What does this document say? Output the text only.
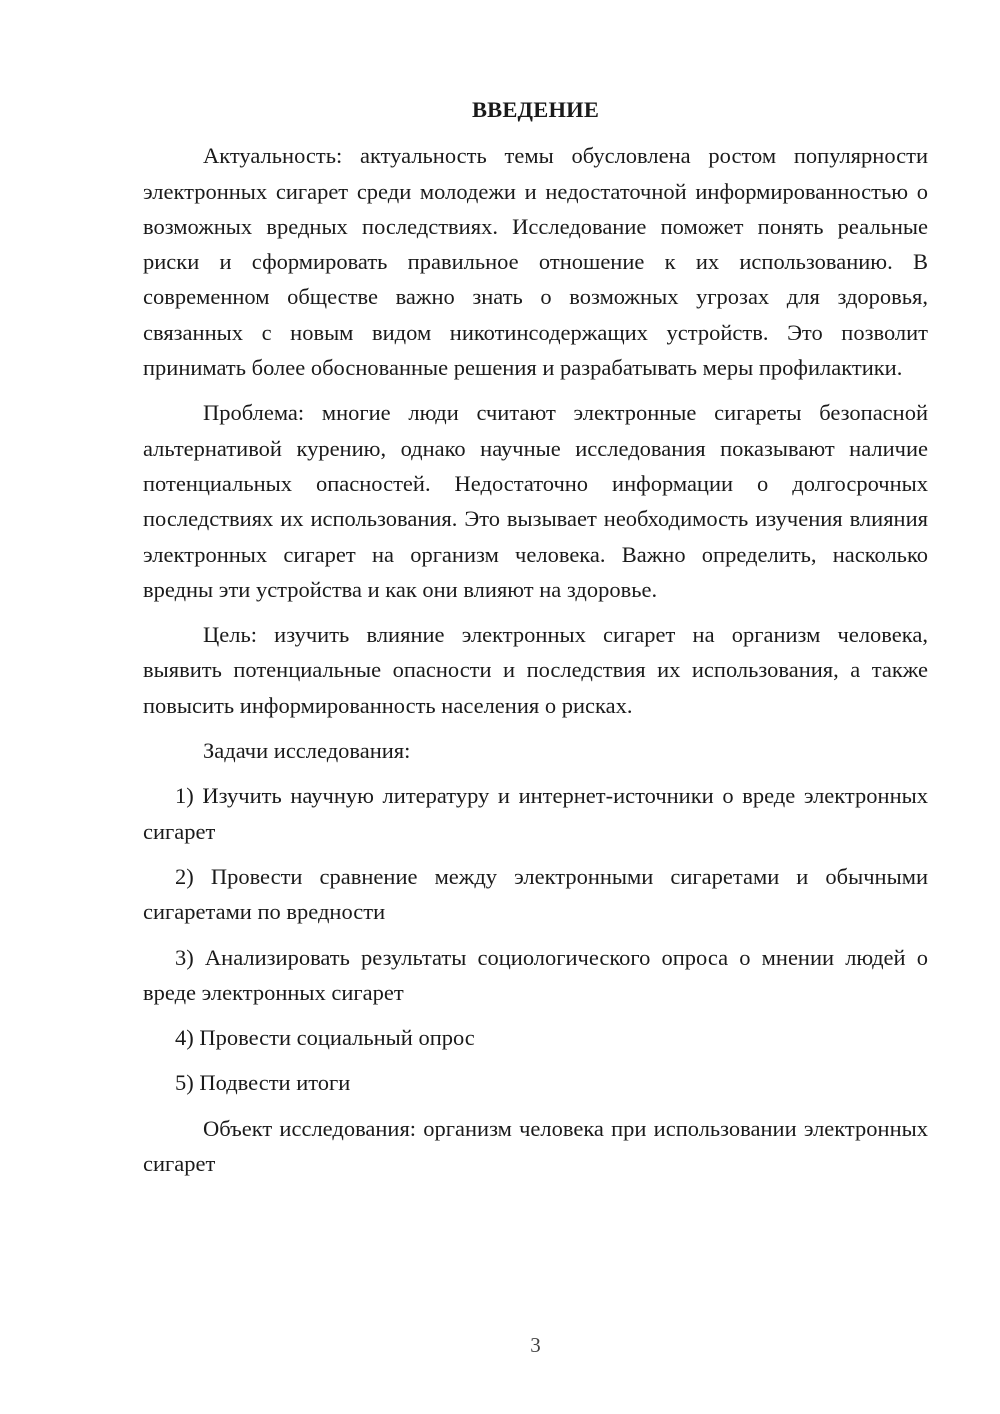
ВВЕДЕНИЕ

Актуальность: актуальность темы обусловлена ростом популярности электронных сигарет среди молодежи и недостаточной информированностью о возможных вредных последствиях. Исследование поможет понять реальные риски и сформировать правильное отношение к их использованию. В современном обществе важно знать о возможных угрозах для здоровья, связанных с новым видом никотинсодержащих устройств. Это позволит принимать более обоснованные решения и разрабатывать меры профилактики.

Проблема: многие люди считают электронные сигареты безопасной альтернативой курению, однако научные исследования показывают наличие потенциальных опасностей. Недостаточно информации о долгосрочных последствиях их использования. Это вызывает необходимость изучения влияния электронных сигарет на организм человека. Важно определить, насколько вредны эти устройства и как они влияют на здоровье.

Цель: изучить влияние электронных сигарет на организм человека, выявить потенциальные опасности и последствия их использования, а также повысить информированность населения о рисках.

Задачи исследования:

1) Изучить научную литературу и интернет-источники о вреде электронных сигарет

2) Провести сравнение между электронными сигаретами и обычными сигаретами по вредности

3) Анализировать результаты социологического опроса о мнении людей о вреде электронных сигарет

4) Провести социальный опрос

5) Подвести итоги

Объект исследования: организм человека при использовании электронных сигарет

3
